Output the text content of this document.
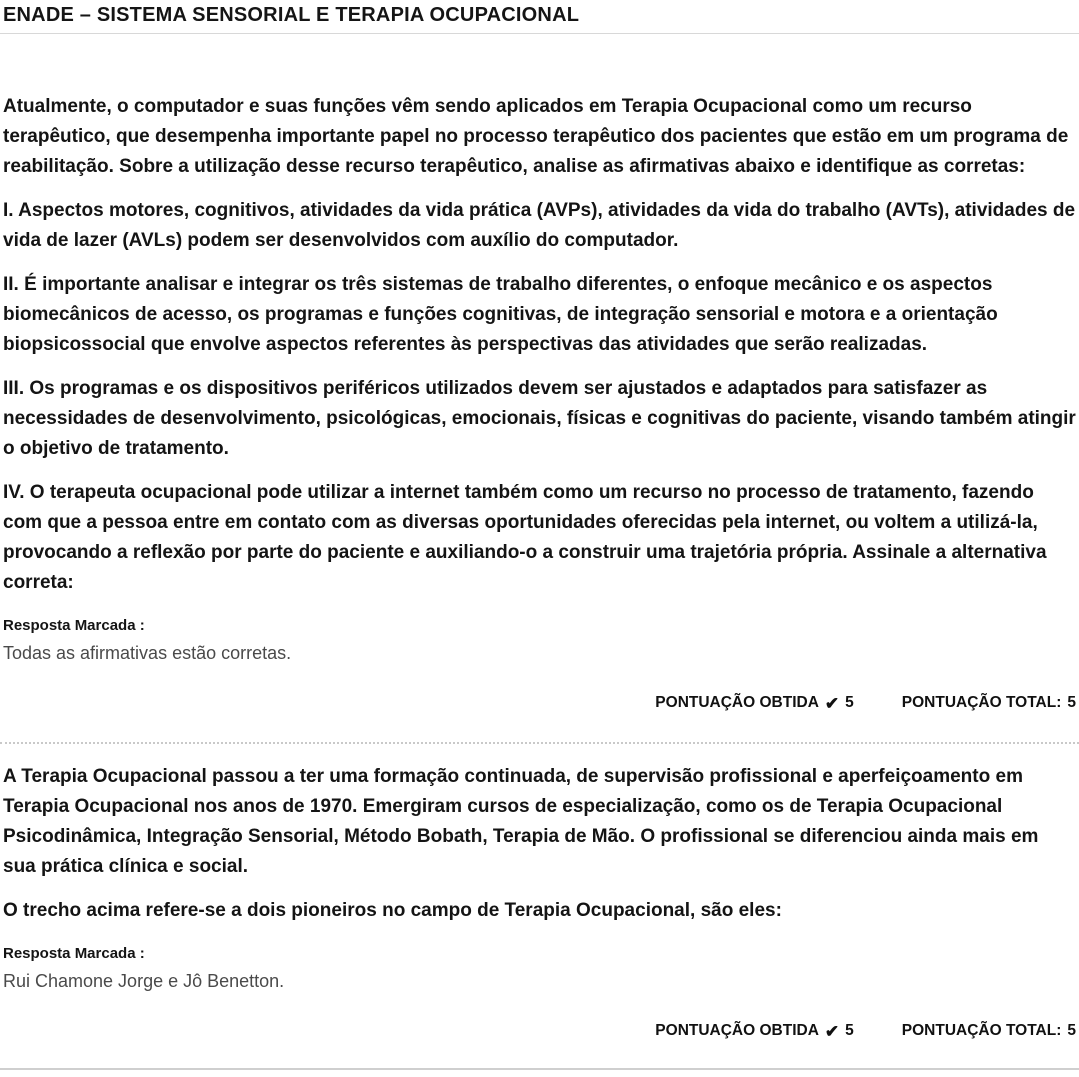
ENADE – SISTEMA SENSORIAL E TERAPIA OCUPACIONAL

Atualmente, o computador e suas funções vêm sendo aplicados em Terapia Ocupacional como um recurso terapêutico, que desempenha importante papel no processo terapêutico dos pacientes que estão em um programa de reabilitação. Sobre a utilização desse recurso terapêutico, analise as afirmativas abaixo e identifique as corretas:

I. Aspectos motores, cognitivos, atividades da vida prática (AVPs), atividades da vida do trabalho (AVTs), atividades de vida de lazer (AVLs) podem ser desenvolvidos com auxílio do computador.

II. É importante analisar e integrar os três sistemas de trabalho diferentes, o enfoque mecânico e os aspectos biomecânicos de acesso, os programas e funções cognitivas, de integração sensorial e motora e a orientação biopsicossocial que envolve aspectos referentes às perspectivas das atividades que serão realizadas.

III. Os programas e os dispositivos periféricos utilizados devem ser ajustados e adaptados para satisfazer as necessidades de desenvolvimento, psicológicas, emocionais, físicas e cognitivas do paciente, visando também atingir o objetivo de tratamento.

IV. O terapeuta ocupacional pode utilizar a internet também como um recurso no processo de tratamento, fazendo com que a pessoa entre em contato com as diversas oportunidades oferecidas pela internet, ou voltem a utilizá-la, provocando a reflexão por parte do paciente e auxiliando-o a construir uma trajetória própria. Assinale a alternativa correta:

Resposta Marcada :
Todas as afirmativas estão corretas.
PONTUAÇÃO OBTIDA ✔ 5	PONTUAÇÃO TOTAL: 5

A Terapia Ocupacional passou a ter uma formação continuada, de supervisão profissional e aperfeiçoamento em Terapia Ocupacional nos anos de 1970. Emergiram cursos de especialização, como os de Terapia Ocupacional Psicodinâmica, Integração Sensorial, Método Bobath, Terapia de Mão. O profissional se diferenciou ainda mais em sua prática clínica e social.

O trecho acima refere-se a dois pioneiros no campo de Terapia Ocupacional, são eles:

Resposta Marcada :
Rui Chamone Jorge e Jô Benetton.
PONTUAÇÃO OBTIDA ✔ 5	PONTUAÇÃO TOTAL: 5
